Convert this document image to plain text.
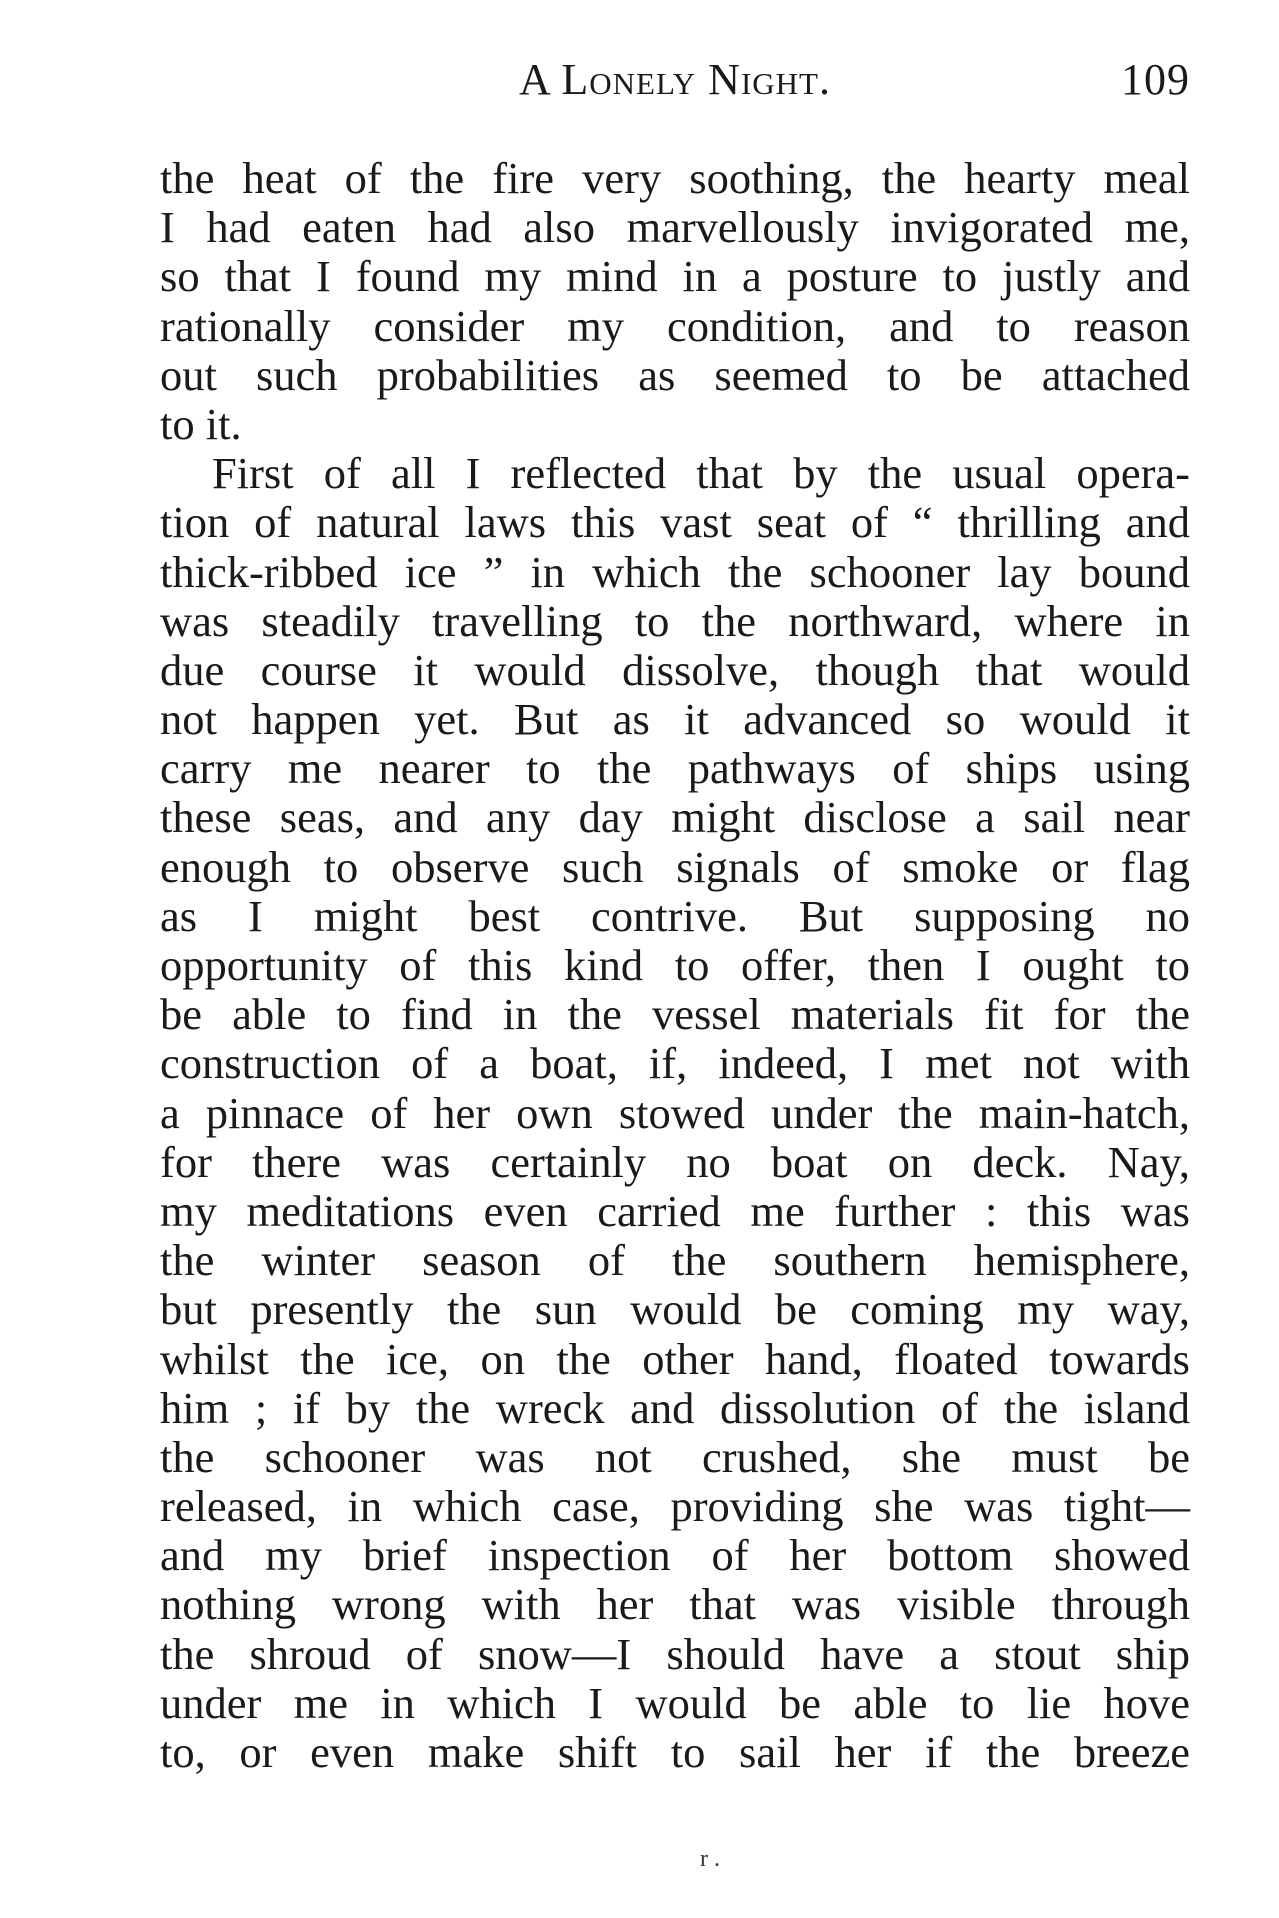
A Lonely Night.	109
the heat of the fire very soothing, the hearty meal
I had eaten had also marvellously invigorated me,
so that I found my mind in a posture to justly and
rationally consider my condition, and to reason
out such probabilities as seemed to be attached
to it.
First of all I reflected that by the usual opera-
tion of natural laws this vast seat of “ thrilling and
thick-ribbed ice ” in which the schooner lay bound
was steadily travelling to the northward, where in
due course it would dissolve, though that would
not happen yet. But as it advanced so would it
carry me nearer to the pathways of ships using
these seas, and any day might disclose a sail near
enough to observe such signals of smoke or flag
as I might best contrive. But supposing no
opportunity of this kind to offer, then I ought to
be able to find in the vessel materials fit for the
construction of a boat, if, indeed, I met not with
a pinnace of her own stowed under the main-hatch,
for there was certainly no boat on deck. Nay,
my meditations even carried me further : this was
the winter season of the southern hemisphere,
but presently the sun would be coming my way,
whilst the ice, on the other hand, floated towards
him ; if by the wreck and dissolution of the island
the schooner was not crushed, she must be
released, in which case, providing she was tight—
and my brief inspection of her bottom showed
nothing wrong with her that was visible through
the shroud of snow—I should have a stout ship
under me in which I would be able to lie hove
to, or even make shift to sail her if the breeze
r .
